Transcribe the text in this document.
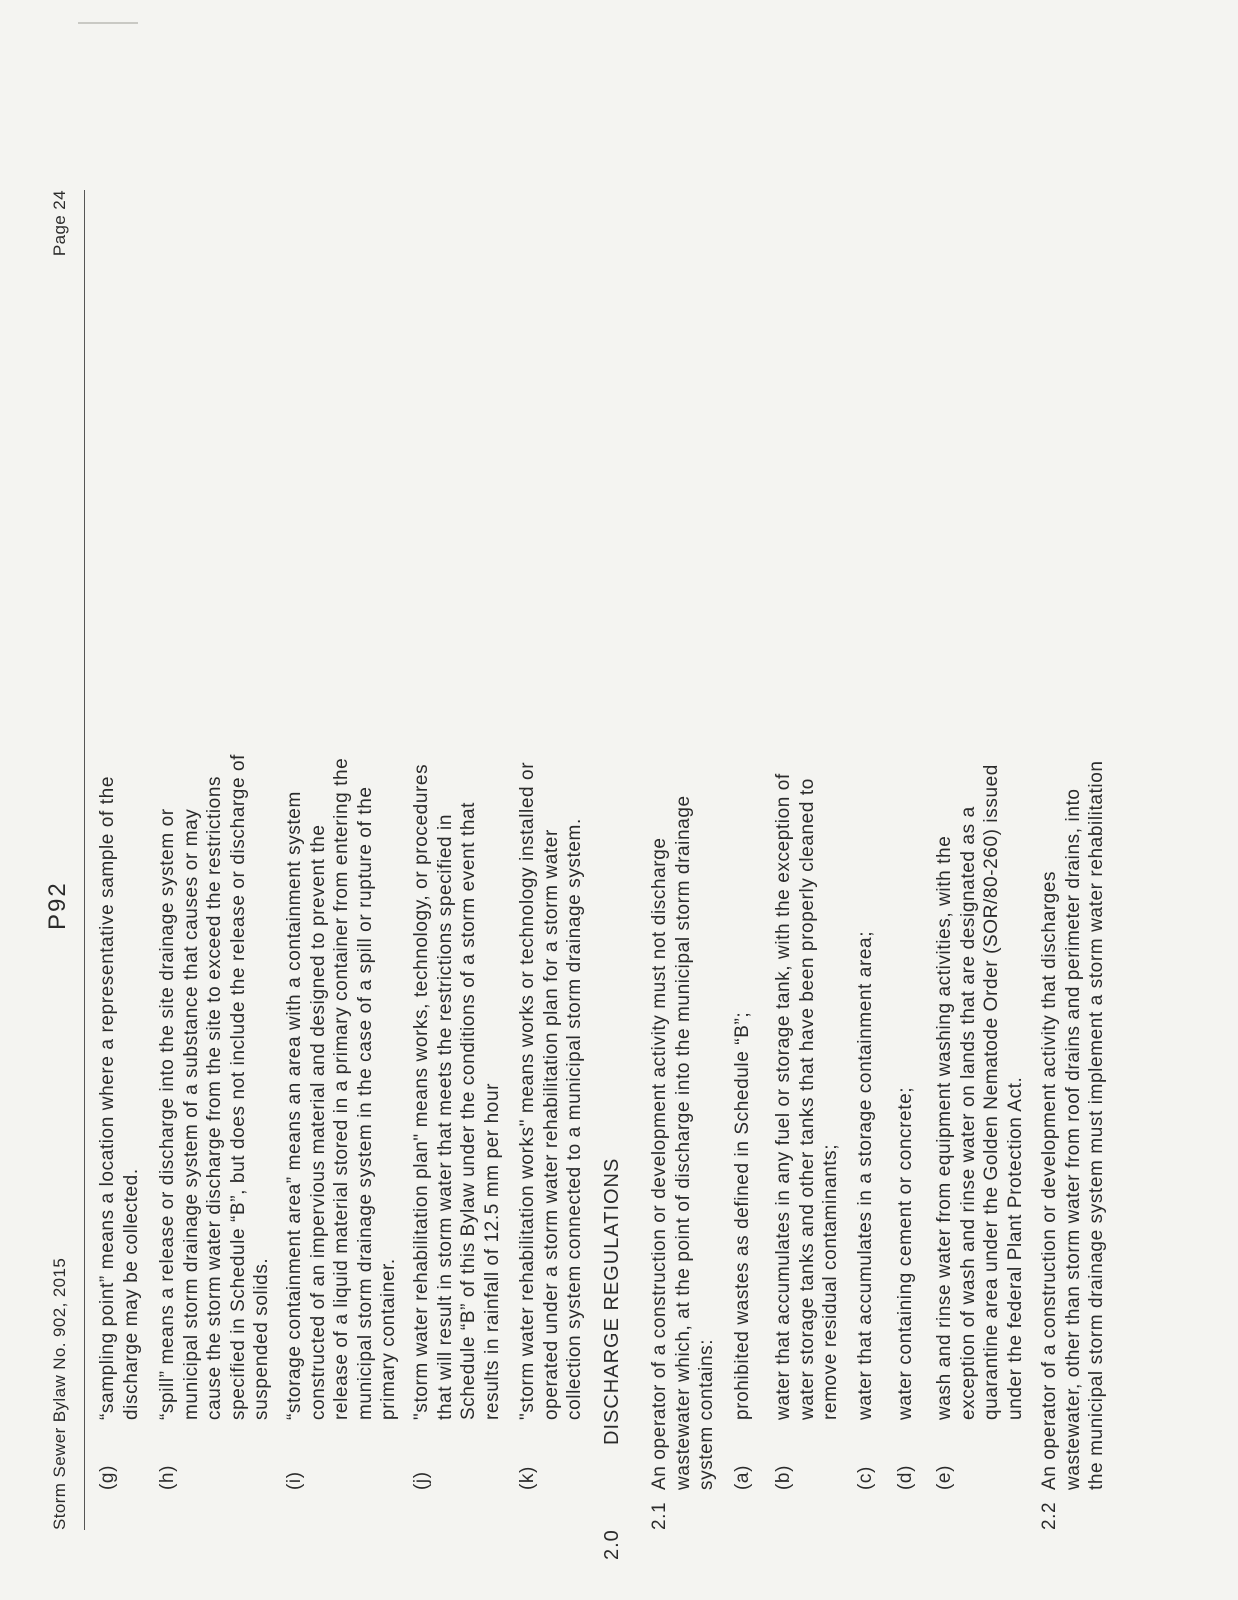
Storm Sewer Bylaw No. 902, 2015
P92
Page 24
(g)
“sampling point” means a location where a representative sample of the discharge may be collected.
(h)
“spill” means a release or discharge into the site drainage system or municipal storm drainage system of a substance that causes or may cause the storm water discharge from the site to exceed the restrictions specified in Schedule “B”, but does not include the release or discharge of suspended solids.
(i)
“storage containment area” means an area with a containment system constructed of an impervious material and designed to prevent the release of a liquid material stored in a primary container from entering the municipal storm drainage system in the case of a spill or rupture of the primary container.
(j)
"storm water rehabilitation plan" means works, technology, or procedures that will result in storm water that meets the restrictions specified in Schedule “B” of this Bylaw under the conditions of a storm event that results in rainfall of 12.5 mm per hour
(k)
"storm water rehabilitation works" means works or technology installed or operated under a storm water rehabilitation plan for a storm water collection system connected to a municipal storm drainage system.
2.0
DISCHARGE REGULATIONS
2.1
An operator of a construction or development activity must not discharge wastewater which, at the point of discharge into the municipal storm drainage system contains: (a)
prohibited wastes as defined in Schedule “B”;
(b)
water that accumulates in any fuel or storage tank, with the exception of water storage tanks and other tanks that have been properly cleaned to remove residual contaminants;
(c)
water that accumulates in a storage containment area;
(d)
water containing cement or concrete;
(e)
wash and rinse water from equipment washing activities, with the exception of wash and rinse water on lands that are designated as a quarantine area under the Golden Nematode Order (SOR/80-260) issued under the federal Plant Protection Act.
2.2
An operator of a construction or development activity that discharges wastewater, other than storm water from roof drains and perimeter drains, into the municipal storm drainage system must implement a storm water rehabilitation
